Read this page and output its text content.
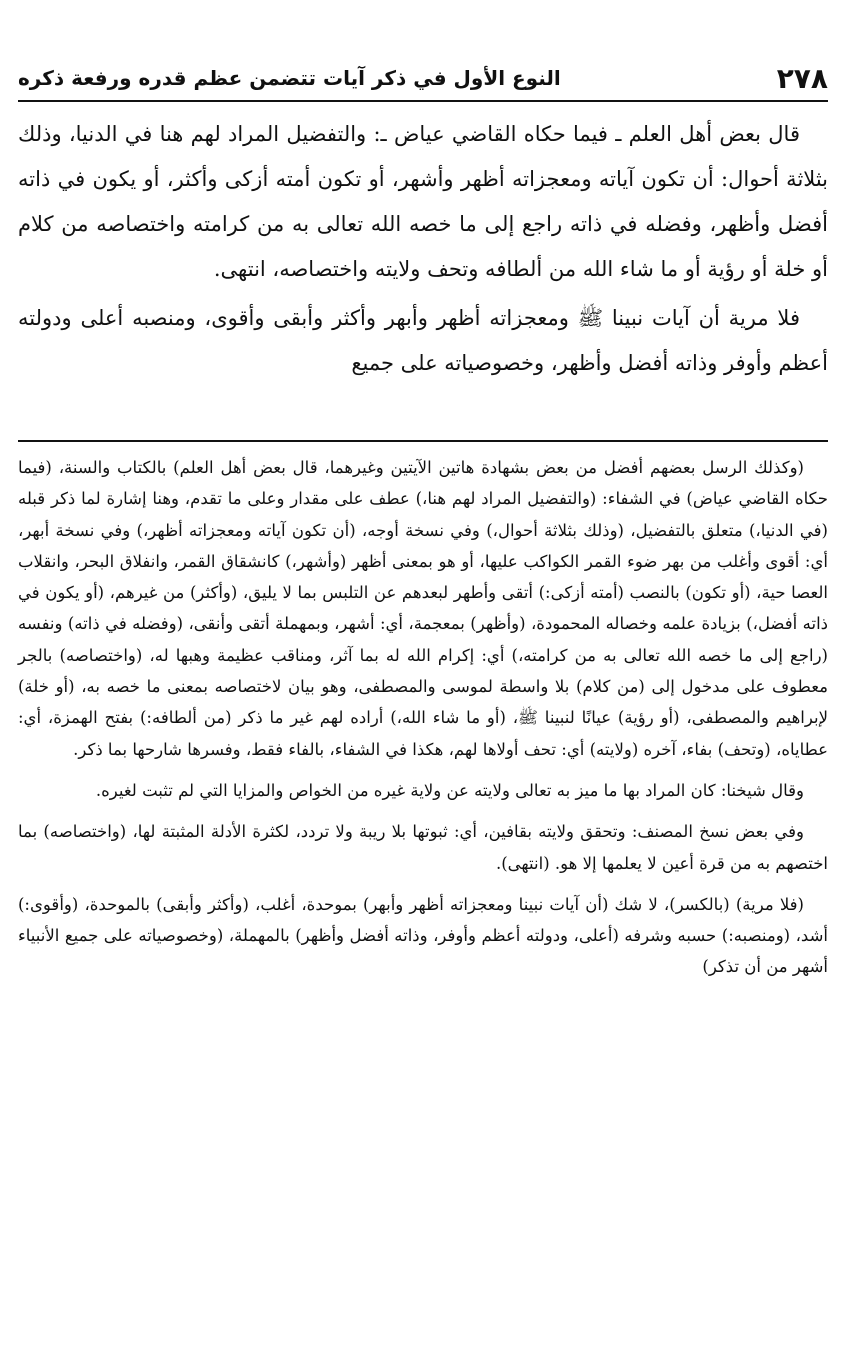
٢٧٨
النوع الأول في ذكر آيات تتضمن عظم قدره ورفعة ذكره

قال بعض أهل العلم ـ فيما حكاه القاضي عياض ـ: والتفضيل المراد لهم هنا في الدنيا، وذلك بثلاثة أحوال: أن تكون آياته ومعجزاته أظهر وأشهر، أو تكون أمته أزكى وأكثر، أو يكون في ذاته أفضل وأظهر، وفضله في ذاته راجع إلى ما خصه الله تعالى به من كرامته واختصاصه من كلام أو خلة أو رؤية أو ما شاء الله من ألطافه وتحف ولايته واختصاصه، انتهى.

فلا مرية أن آيات نبينا ﷺ ومعجزاته أظهر وأبهر وأكثر وأبقى وأقوى، ومنصبه أعلى ودولته أعظم وأوفر وذاته أفضل وأظهر، وخصوصياته على جميع

(وكذلك الرسل بعضهم أفضل من بعض بشهادة هاتين الآيتين وغيرهما، قال بعض أهل العلم) بالكتاب والسنة، (فيما حكاه القاضي عياض) في الشفاء: (والتفضيل المراد لهم هنا،) عطف على مقدار وعلى ما تقدم، وهنا إشارة لما ذكر قبله (في الدنيا،) متعلق بالتفضيل، (وذلك بثلاثة أحوال،) وفي نسخة أوجه، (أن تكون آياته ومعجزاته أظهر،) وفي نسخة أبهر، أي: أقوى وأغلب من بهر ضوء القمر الكواكب عليها، أو هو بمعنى أظهر (وأشهر،) كانشقاق القمر، وانفلاق البحر، وانقلاب العصا حية، (أو تكون) بالنصب (أمته أزكى:) أتقى وأطهر لبعدهم عن التلبس بما لا يليق، (وأكثر) من غيرهم، (أو يكون في ذاته أفضل،) بزيادة علمه وخصاله المحمودة، (وأظهر) بمعجمة، أي: أشهر، وبمهملة أتقى وأنقى، (وفضله في ذاته) ونفسه (راجع إلى ما خصه الله تعالى به من كرامته،) أي: إكرام الله له بما آثر، ومناقب عظيمة وهبها له، (واختصاصه) بالجر معطوف على مدخول إلى (من كلام) بلا واسطة لموسى والمصطفى، وهو بيان لاختصاصه بمعنى ما خصه به، (أو خلة) لإبراهيم والمصطفى، (أو رؤية) عيانًا لنبينا ﷺ، (أو ما شاء الله،) أراده لهم غير ما ذكر (من ألطافه:) بفتح الهمزة، أي: عطاياه، (وتحف) بفاء، آخره (ولايته) أي: تحف أولاها لهم، هكذا في الشفاء، بالفاء فقط، وفسرها شارحها بما ذكر.

وقال شيخنا: كان المراد بها ما ميز به تعالى ولايته عن ولاية غيره من الخواص والمزايا التي لم تثبت لغيره.

وفي بعض نسخ المصنف: وتحقق ولايته بقافين، أي: ثبوتها بلا ريبة ولا تردد، لكثرة الأدلة المثبتة لها، (واختصاصه) بما اختصهم به من قرة أعين لا يعلمها إلا هو. (انتهى).

(فلا مرية) (بالكسر)، لا شك (أن آيات نبينا ومعجزاته أظهر وأبهر) بموحدة، أغلب، (وأكثر وأبقى) بالموحدة، (وأقوى:) أشد، (ومنصبه:) حسبه وشرفه (أعلى، ودولته أعظم وأوفر، وذاته أفضل وأظهر) بالمهملة، (وخصوصياته على جميع الأنبياء أشهر من أن تذكر)
